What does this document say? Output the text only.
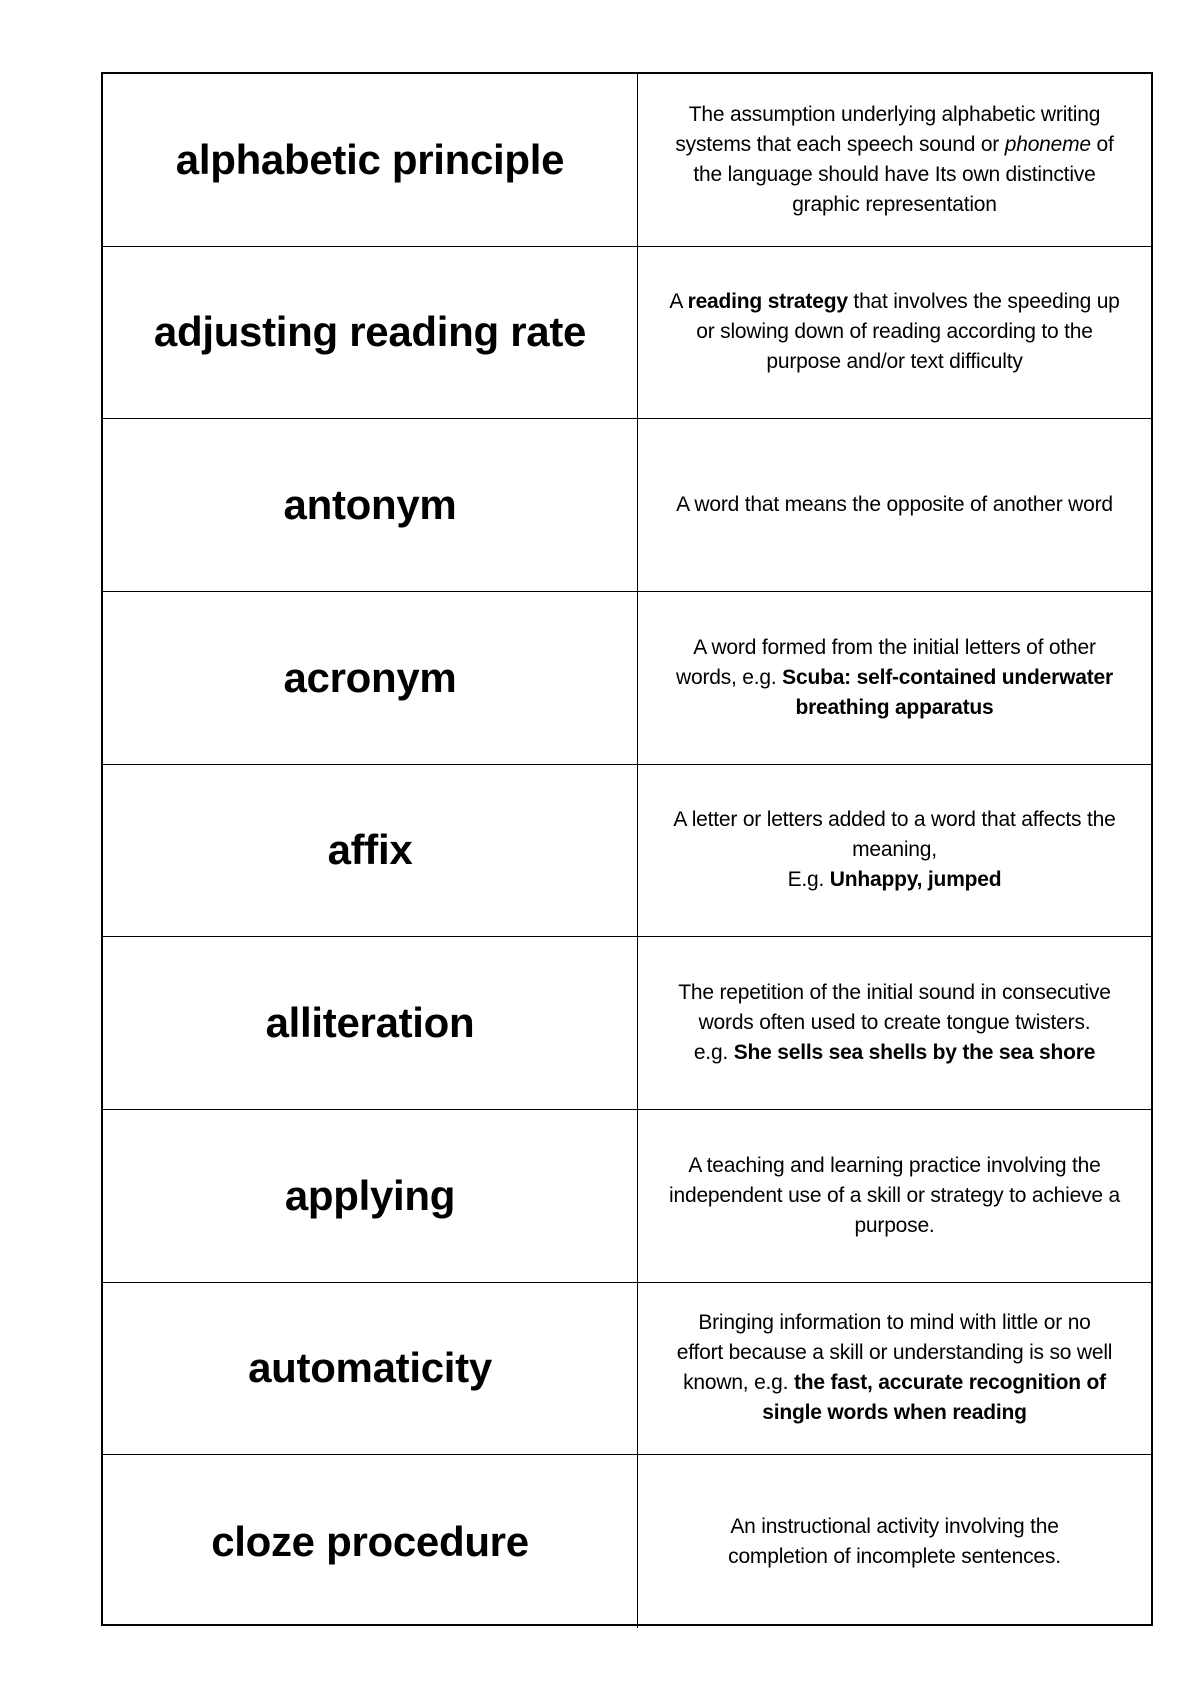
alphabetic principle
The assumption underlying alphabetic writing
systems that each speech sound or phoneme of
the language should have Its own distinctive
graphic representation
adjusting reading rate
A reading strategy that involves the speeding up
or slowing down of reading according to the
purpose and/or text difficulty
antonym	A word that means the opposite of another word
acronym
A word formed from the initial letters of other
words, e.g. Scuba: self-contained underwater
breathing apparatus
affix
A letter or letters added to a word that affects the
meaning,
E.g. Unhappy, jumped
alliteration
The repetition of the initial sound in consecutive
words often used to create tongue twisters.
e.g. She sells sea shells by the sea shore
applying
A teaching and learning practice involving the
independent use of a skill or strategy to achieve a
purpose.
automaticity
Bringing information to mind with little or no
effort because a skill or understanding is so well
known, e.g. the fast, accurate recognition of
single words when reading
cloze procedure	An instructional activity involving the
completion of incomplete sentences.
